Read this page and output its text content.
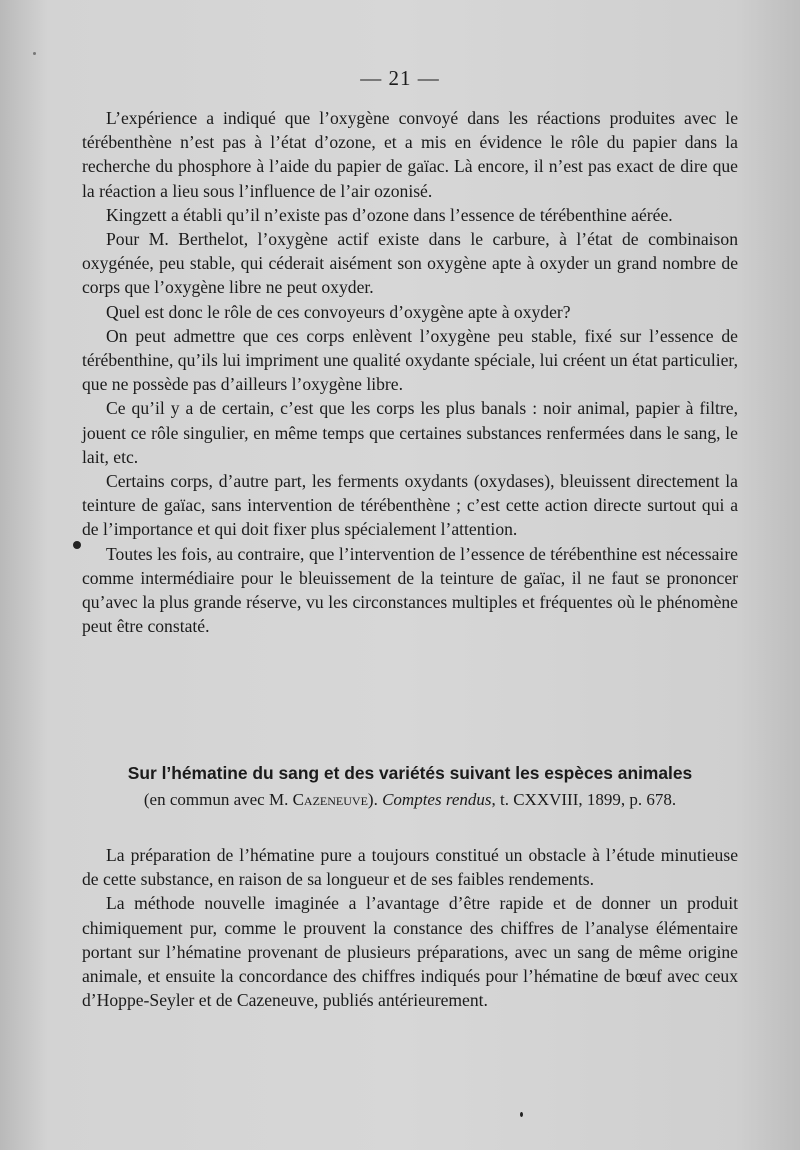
— 21 —

L’expérience a indiqué que l’oxygène convoyé dans les réactions produites avec le térébenthène n’est pas à l’état d’ozone, et a mis en évidence le rôle du papier dans la recherche du phosphore à l’aide du papier de gaïac. Là encore, il n’est pas exact de dire que la réaction a lieu sous l’influence de l’air ozonisé.

Kingzett a établi qu’il n’existe pas d’ozone dans l’essence de térébenthine aérée.

Pour M. Berthelot, l’oxygène actif existe dans le carbure, à l’état de combinaison oxygénée, peu stable, qui céderait aisément son oxygène apte à oxyder un grand nombre de corps que l’oxygène libre ne peut oxyder.

Quel est donc le rôle de ces convoyeurs d’oxygène apte à oxyder?

On peut admettre que ces corps enlèvent l’oxygène peu stable, fixé sur l’essence de térébenthine, qu’ils lui impriment une qualité oxydante spéciale, lui créent un état particulier, que ne possède pas d’ailleurs l’oxygène libre.

Ce qu’il y a de certain, c’est que les corps les plus banals : noir animal, papier à filtre, jouent ce rôle singulier, en même temps que certaines substances renfermées dans le sang, le lait, etc.

Certains corps, d’autre part, les ferments oxydants (oxydases), bleuissent directement la teinture de gaïac, sans intervention de térébenthène ; c’est cette action directe surtout qui a de l’importance et qui doit fixer plus spécialement l’attention.

Toutes les fois, au contraire, que l’intervention de l’essence de térébenthine est nécessaire comme intermédiaire pour le bleuissement de la teinture de gaïac, il ne faut se prononcer qu’avec la plus grande réserve, vu les circonstances multiples et fréquentes où le phénomène peut être constaté.

Sur l’hématine du sang et des variétés suivant les espèces animales
(en commun avec M. Cazeneuve). Comptes rendus, t. CXXVIII, 1899, p. 678.

La préparation de l’hématine pure a toujours constitué un obstacle à l’étude minutieuse de cette substance, en raison de sa longueur et de ses faibles rendements.

La méthode nouvelle imaginée a l’avantage d’être rapide et de donner un produit chimiquement pur, comme le prouvent la constance des chiffres de l’analyse élémentaire portant sur l’hématine provenant de plusieurs préparations, avec un sang de même origine animale, et ensuite la concordance des chiffres indiqués pour l’hématine de bœuf avec ceux d’Hoppe-Seyler et de Cazeneuve, publiés antérieurement.
